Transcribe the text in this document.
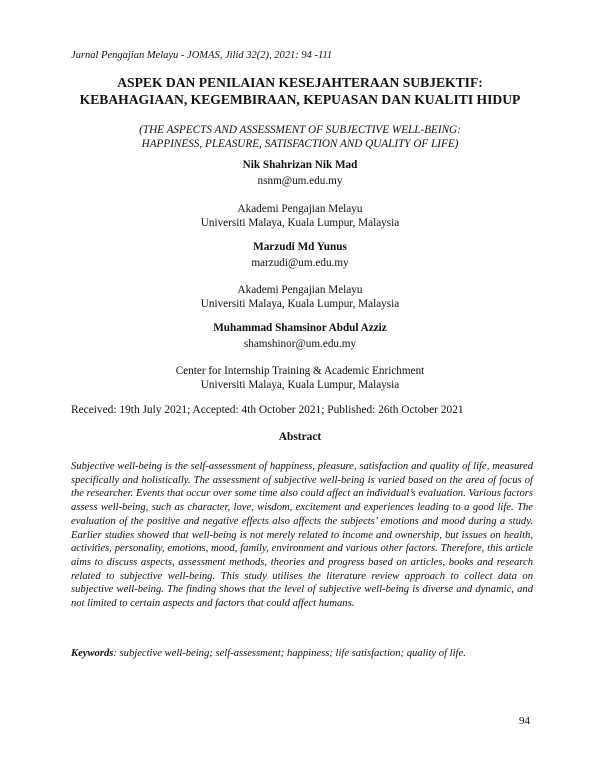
Jurnal Pengajian Melayu - JOMAS, Jilid 32(2), 2021: 94 -111
ASPEK DAN PENILAIAN KESEJAHTERAAN SUBJEKTIF:
KEBAHAGIAAN, KEGEMBIRAAN, KEPUASAN DAN KUALITI HIDUP
(THE ASPECTS AND ASSESSMENT OF SUBJECTIVE WELL-BEING:
HAPPINESS, PLEASURE, SATISFACTION AND QUALITY OF LIFE)
Nik Shahrizan Nik Mad
nsnm@um.edu.my
Akademi Pengajian Melayu
Universiti Malaya, Kuala Lumpur, Malaysia
Marzudi Md Yunus
marzudi@um.edu.my
Akademi Pengajian Melayu
Universiti Malaya, Kuala Lumpur, Malaysia
Muhammad Shamsinor Abdul Azziz
shamshinor@um.edu.my
Center for Internship Training & Academic Enrichment
Universiti Malaya, Kuala Lumpur, Malaysia
Received: 19th July 2021; Accepted: 4th October 2021; Published: 26th October 2021
Abstract

Subjective well-being is the self-assessment of happiness, pleasure, satisfaction and quality of life, measured specifically and holistically. The assessment of subjective well-being is varied based on the area of focus of the researcher. Events that occur over some time also could affect an individual’s evaluation. Various factors assess well-being, such as character, love, wisdom, excitement and experiences leading to a good life. The evaluation of the positive and negative effects also affects the subjects’ emotions and mood during a study. Earlier studies showed that well-being is not merely related to income and ownership, but issues on health, activities, personality, emotions, mood, family, environment and various other factors. Therefore, this article aims to discuss aspects, assessment methods, theories and progress based on articles, books and research related to subjective well-being. This study utilises the literature review approach to collect data on subjective well-being. The finding shows that the level of subjective well-being is diverse and dynamic, and not limited to certain aspects and factors that could affect humans.

Keywords: subjective well-being; self-assessment; happiness; life satisfaction; quality of life.
94
